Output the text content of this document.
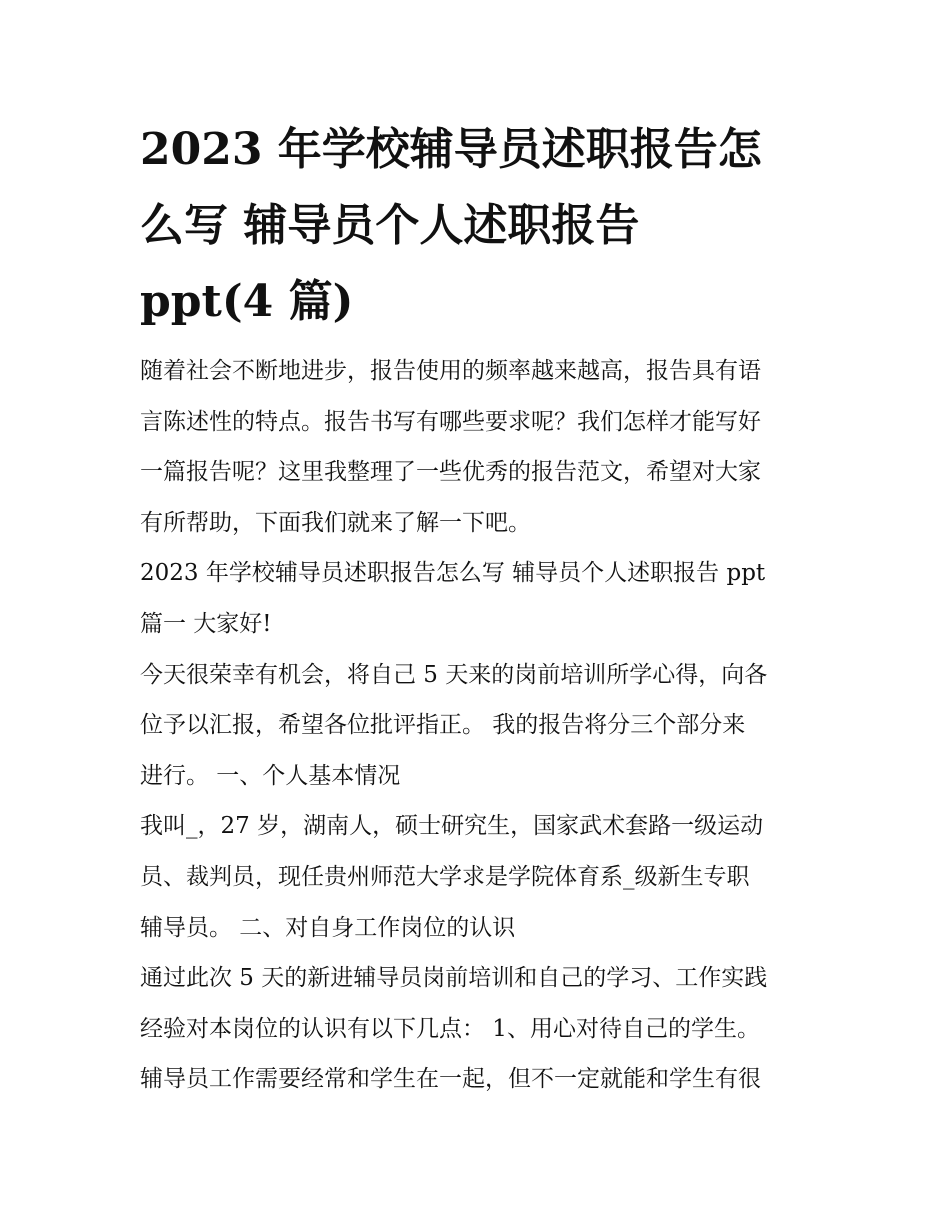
2023 年学校辅导员述职报告怎
么写 辅导员个人述职报告
ppt(4 篇)

随着社会不断地进步，报告使用的频率越来越高，报告具有语
言陈述性的特点。报告书写有哪些要求呢？我们怎样才能写好
一篇报告呢？这里我整理了一些优秀的报告范文，希望对大家
有所帮助，下面我们就来了解一下吧。

2023 年学校辅导员述职报告怎么写 辅导员个人述职报告 ppt
篇一 大家好!

今天很荣幸有机会，将自己 5 天来的岗前培训所学心得，向各
位予以汇报，希望各位批评指正。 我的报告将分三个部分来
进行。 一、个人基本情况

我叫_，27 岁，湖南人，硕士研究生，国家武术套路一级运动
员、裁判员，现任贵州师范大学求是学院体育系_级新生专职
辅导员。 二、对自身工作岗位的认识

通过此次 5 天的新进辅导员岗前培训和自己的学习、工作实践
经验对本岗位的认识有以下几点： 1、用心对待自己的学生。
辅导员工作需要经常和学生在一起，但不一定就能和学生有很
